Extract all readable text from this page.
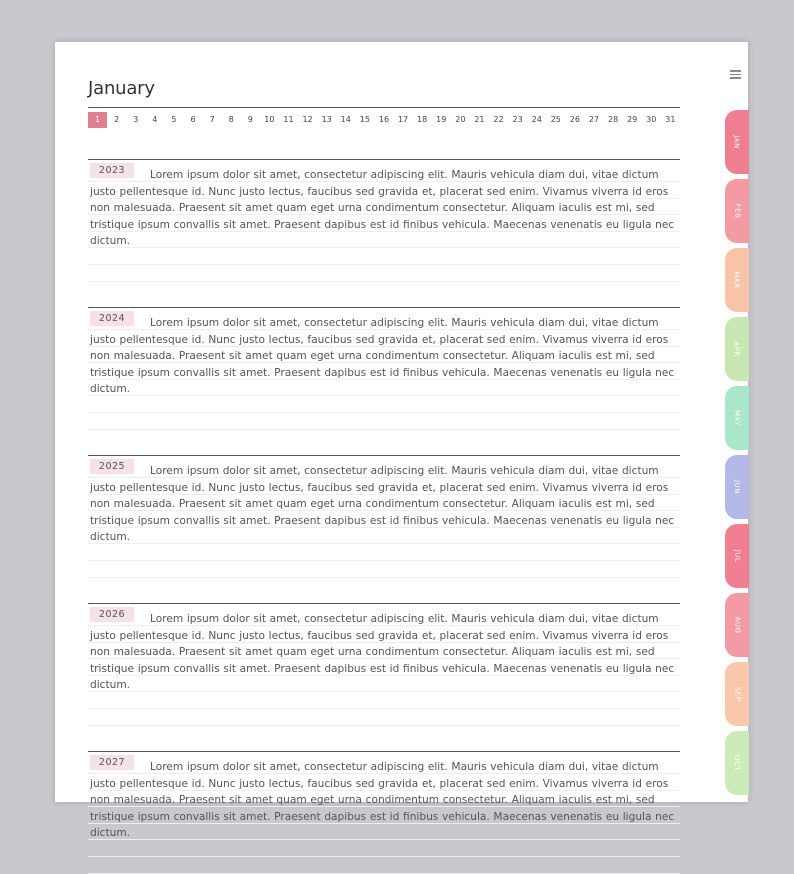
January
1	2	3	4	5	6	7	8	9	10	11	12	13	14	15	16	17	18	19	20	21	22	23	24	25	26	27	28	29	30	31

Lorem ipsum dolor sit amet, consectetur adipiscing elit. Mauris vehicula diam dui, vitae dictum justo pellentesque id. Nunc justo lectus, faucibus sed gravida et, placerat sed enim. Vivamus viverra id eros non malesuada. Praesent sit amet quam eget urna condimentum consectetur. Aliquam iaculis est mi, sed tristique ipsum convallis sit amet. Praesent dapibus est id finibus vehicula. Maecenas venenatis eu ligula nec dictum.

2023

Lorem ipsum dolor sit amet, consectetur adipiscing elit. Mauris vehicula diam dui, vitae dictum justo pellentesque id. Nunc justo lectus, faucibus sed gravida et, placerat sed enim. Vivamus viverra id eros non malesuada. Praesent sit amet quam eget urna condimentum consectetur. Aliquam iaculis est mi, sed tristique ipsum convallis sit amet. Praesent dapibus est id finibus vehicula. Maecenas venenatis eu ligula nec dictum.

2024

Lorem ipsum dolor sit amet, consectetur adipiscing elit. Mauris vehicula diam dui, vitae dictum justo pellentesque id. Nunc justo lectus, faucibus sed gravida et, placerat sed enim. Vivamus viverra id eros non malesuada. Praesent sit amet quam eget urna condimentum consectetur. Aliquam iaculis est mi, sed tristique ipsum convallis sit amet. Praesent dapibus est id finibus vehicula. Maecenas venenatis eu ligula nec dictum.

2025

Lorem ipsum dolor sit amet, consectetur adipiscing elit. Mauris vehicula diam dui, vitae dictum justo pellentesque id. Nunc justo lectus, faucibus sed gravida et, placerat sed enim. Vivamus viverra id eros non malesuada. Praesent sit amet quam eget urna condimentum consectetur. Aliquam iaculis est mi, sed tristique ipsum convallis sit amet. Praesent dapibus est id finibus vehicula. Maecenas venenatis eu ligula nec dictum.

2026

Lorem ipsum dolor sit amet, consectetur adipiscing elit. Mauris vehicula diam dui, vitae dictum justo pellentesque id. Nunc justo lectus, faucibus sed gravida et, placerat sed enim. Vivamus viverra id eros non malesuada. Praesent sit amet quam eget urna condimentum consectetur. Aliquam iaculis est mi, sed tristique ipsum convallis sit amet. Praesent dapibus est id finibus vehicula. Maecenas venenatis eu ligula nec dictum.

2027
JAN
FEB
MAR
APR
MAY
JUN
JUL
AUG
SEP
OCT
